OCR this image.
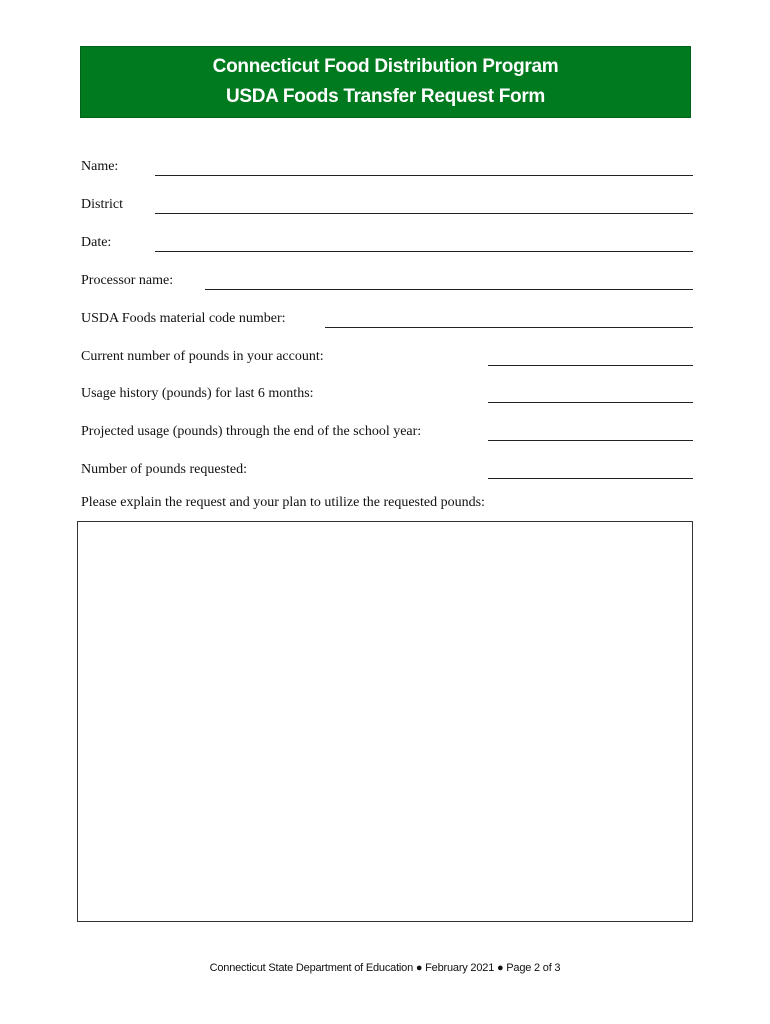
Connecticut Food Distribution Program
USDA Foods Transfer Request Form
Name:
District
Date:
Processor name:
USDA Foods material code number:
Current number of pounds in your account:
Usage history (pounds) for last 6 months:
Projected usage (pounds) through the end of the school year:
Number of pounds requested:
Please explain the request and your plan to utilize the requested pounds:
Connecticut State Department of Education ● February 2021 ● Page 2 of 3
